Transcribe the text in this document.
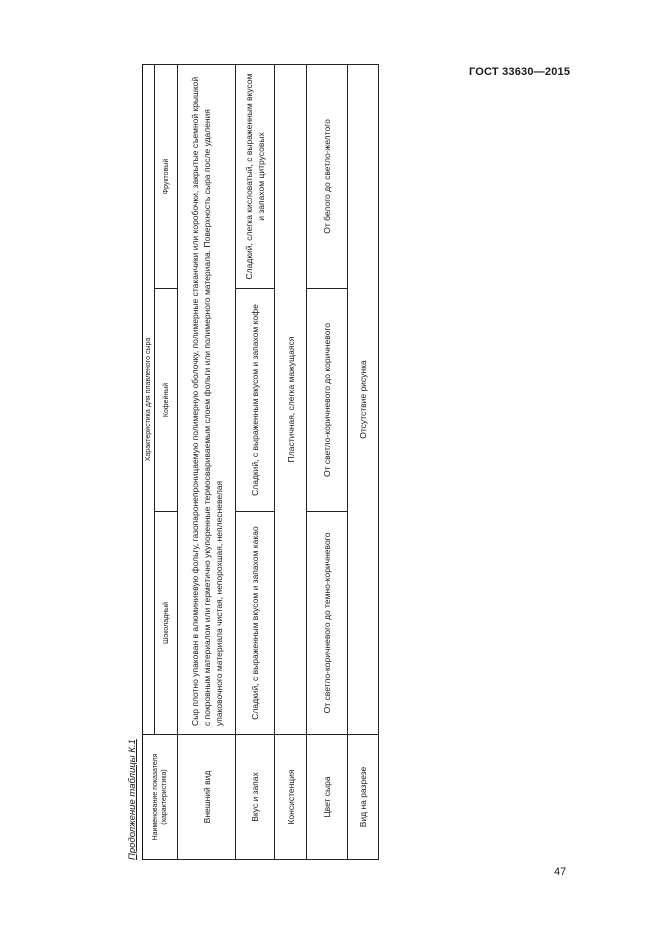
ГОСТ 33630—2015
Продолжение таблицы К.1 Наименование показателя (характеристика)	Характеристика для плавленого сыра		
	Шоколадный	Кофейный	Фруктовый
Внешний вид	Сыр плотно упакован в алюминиевую фольгу, газопаронепроницаемую полимерную оболочку, полимерные стаканчики или коробочки, закрытые съемной крышкой с покровным материалом или герметично укупоренные термосвариваемым слоем фольги или полимерного материала. Поверхность сыра после удаления упаковочного материала чистая, непорохшая, неплесневелая		
Вкус и запах	Сладкий, с выраженным вкусом и запахом какао	Сладкий, с выраженным вкусом и запахом кофе	Сладкий, слегка кисловатый, с выраженным вкусом и запахом цитрусовых
Консистенция	Пластичная, слегка мажущаяся		
Цвет сыра	От светло-коричневого до темно-коричневого	От светло-коричневого до коричневого	От белого до светло-желтого
Вид на разрезе	Отсутствие рисунка		
47
